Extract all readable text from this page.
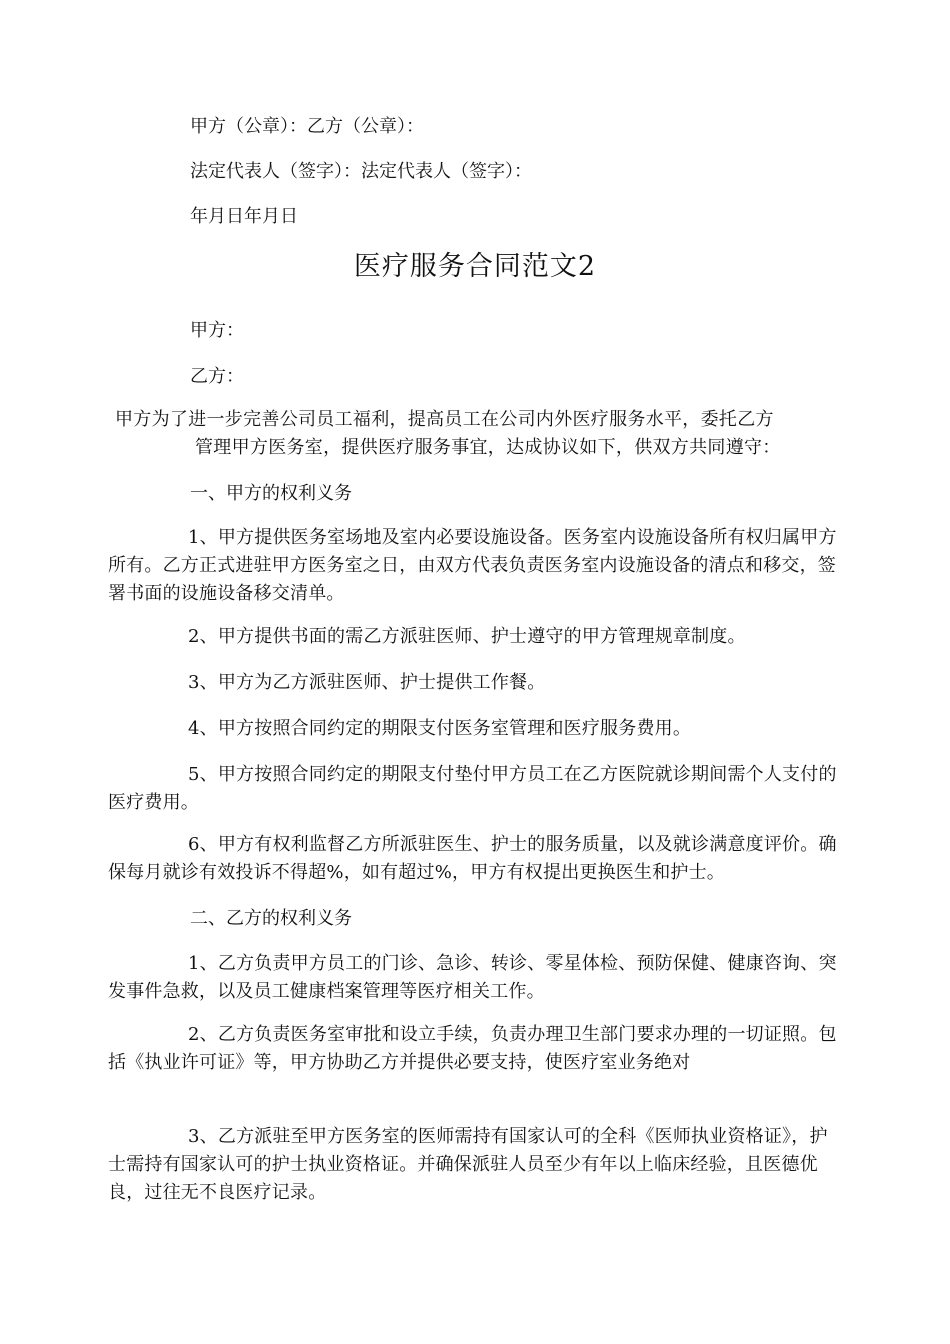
甲方（公章）：乙方（公章）：
法定代表人（签字）：法定代表人（签字）：
年月日年月日
医疗服务合同范文2
甲方：
乙方：
甲方为了进一步完善公司员工福利，提高员工在公司内外医疗服务水平，委托乙方
管理甲方医务室，提供医疗服务事宜，达成协议如下，供双方共同遵守：
一、甲方的权利义务
1、甲方提供医务室场地及室内必要设施设备。医务室内设施设备所有权归属甲方所有。乙方正式进驻甲方医务室之日，由双方代表负责医务室内设施设备的清点和移交，签署书面的设施设备移交清单。
2、甲方提供书面的需乙方派驻医师、护士遵守的甲方管理规章制度。
3、甲方为乙方派驻医师、护士提供工作餐。
4、甲方按照合同约定的期限支付医务室管理和医疗服务费用。
5、甲方按照合同约定的期限支付垫付甲方员工在乙方医院就诊期间需个人支付的医疗费用。
6、甲方有权利监督乙方所派驻医生、护士的服务质量，以及就诊满意度评价。确保每月就诊有效投诉不得超%，如有超过%，甲方有权提出更换医生和护士。
二、乙方的权利义务
1、乙方负责甲方员工的门诊、急诊、转诊、零星体检、预防保健、健康咨询、突发事件急救，以及员工健康档案管理等医疗相关工作。
2、乙方负责医务室审批和设立手续，负责办理卫生部门要求办理的一切证照。包括《执业许可证》等，甲方协助乙方并提供必要支持，使医疗室业务绝对
3、乙方派驻至甲方医务室的医师需持有国家认可的全科《医师执业资格证》，护士需持有国家认可的护士执业资格证。并确保派驻人员至少有年以上临床经验，且医德优良，过往无不良医疗记录。
